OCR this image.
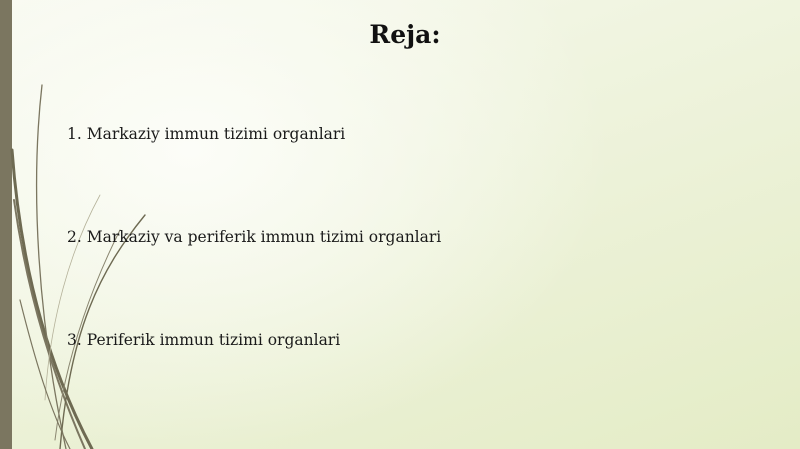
Reja:
1. Markaziy immun tizimi organlari
2. Markaziy va periferik immun tizimi organlari
3. Periferik immun tizimi organlari
